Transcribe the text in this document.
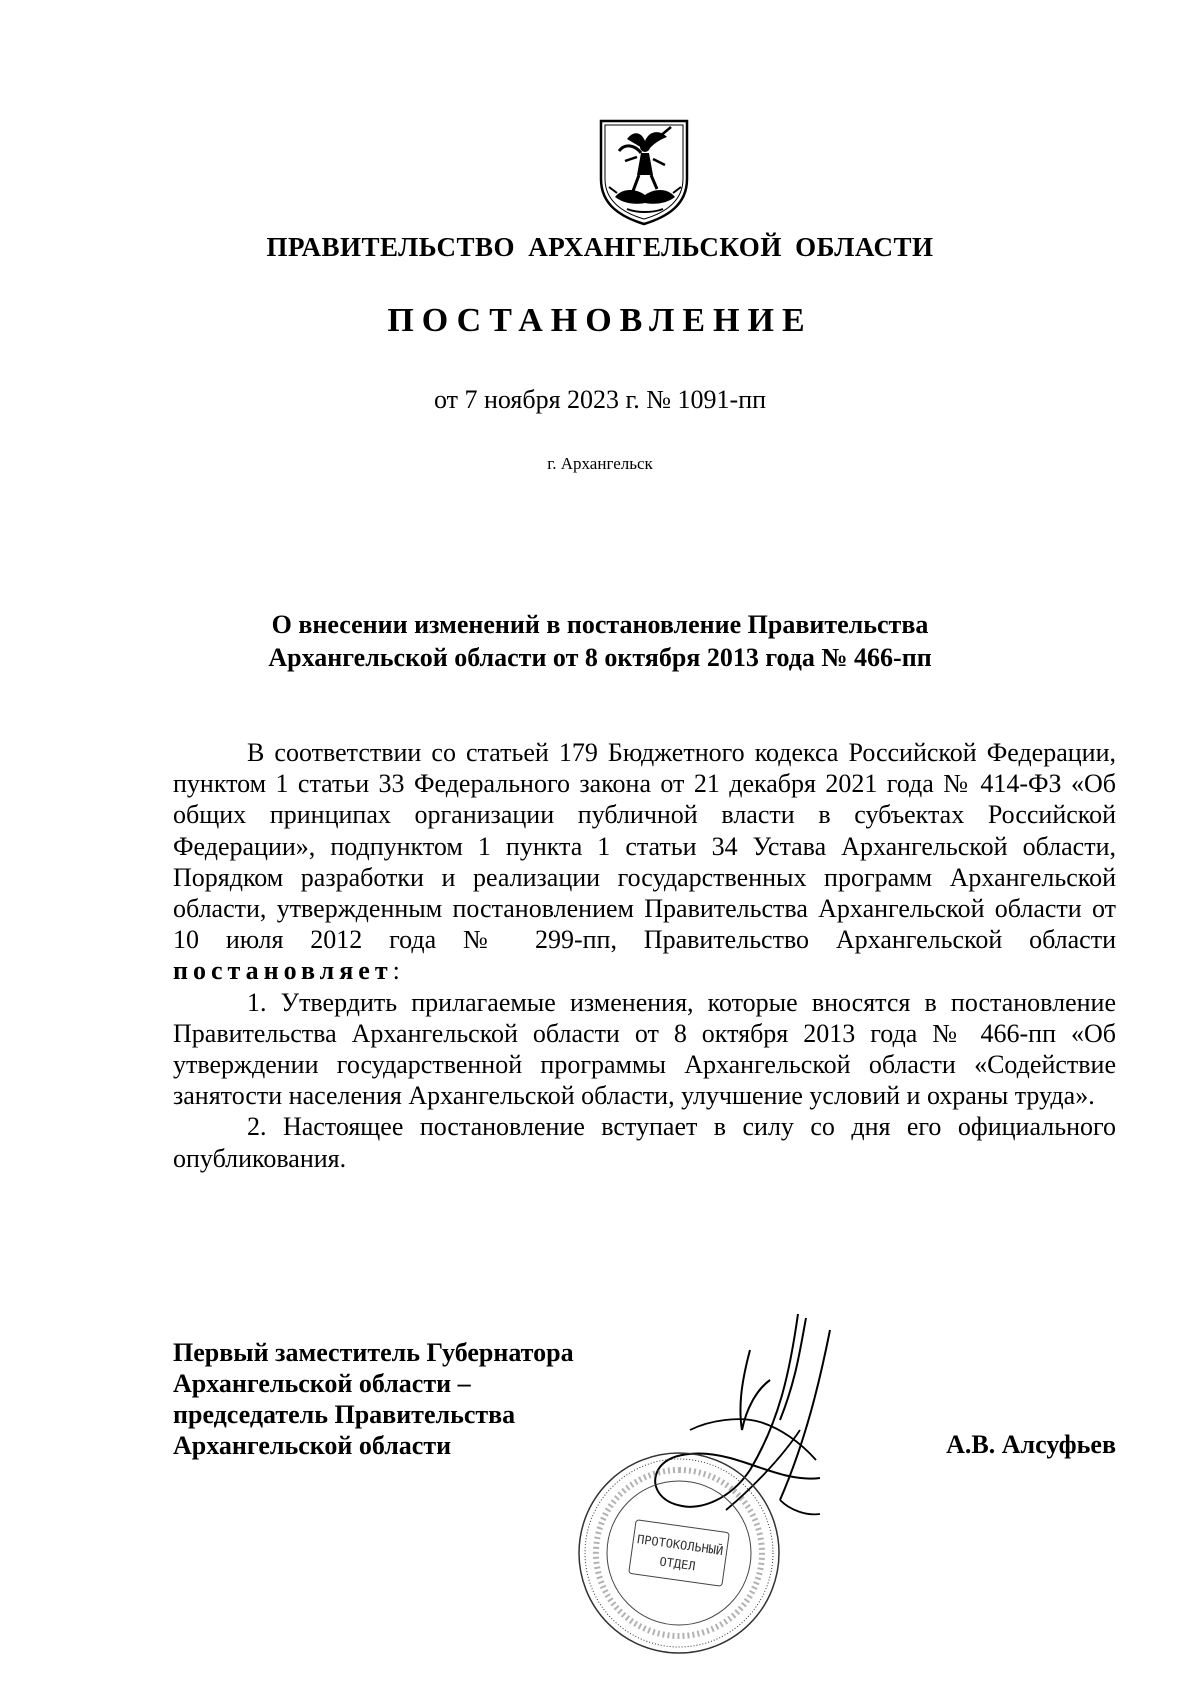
ПРАВИТЕЛЬСТВО АРХАНГЕЛЬСКОЙ ОБЛАСТИ
ПОСТАНОВЛЕНИЕ
от 7 ноября 2023 г. № 1091-пп
г. Архангельск
О внесении изменений в постановление Правительства
Архангельской области от 8 октября 2013 года № 466-пп

В соответствии со статьей 179 Бюджетного кодекса Российской Федерации, пунктом 1 статьи 33 Федерального закона от 21 декабря 2021 года № 414-ФЗ «Об общих принципах организации публичной власти в субъектах Российской Федерации», подпунктом 1 пункта 1 статьи 34 Устава Архангельской области, Порядком разработки и реализации государственных программ Архангельской области, утвержденным постановлением Правительства Архангельской области от 10 июля 2012 года № 299-пп, Правительство Архангельской области постановляет:

1. Утвердить прилагаемые изменения, которые вносятся в постановление Правительства Архангельской области от 8 октября 2013 года № 466-пп «Об утверждении государственной программы Архангельской области «Содействие занятости населения Архангельской области, улучшение условий и охраны труда».

2. Настоящее постановление вступает в силу со дня его официального опубликования.

Первый заместитель Губернатора
Архангельской области –
председатель Правительства
Архангельской области	А.В. Алсуфьев
ПРОТОКОЛЬНЫЙ
ОТДЕЛ
